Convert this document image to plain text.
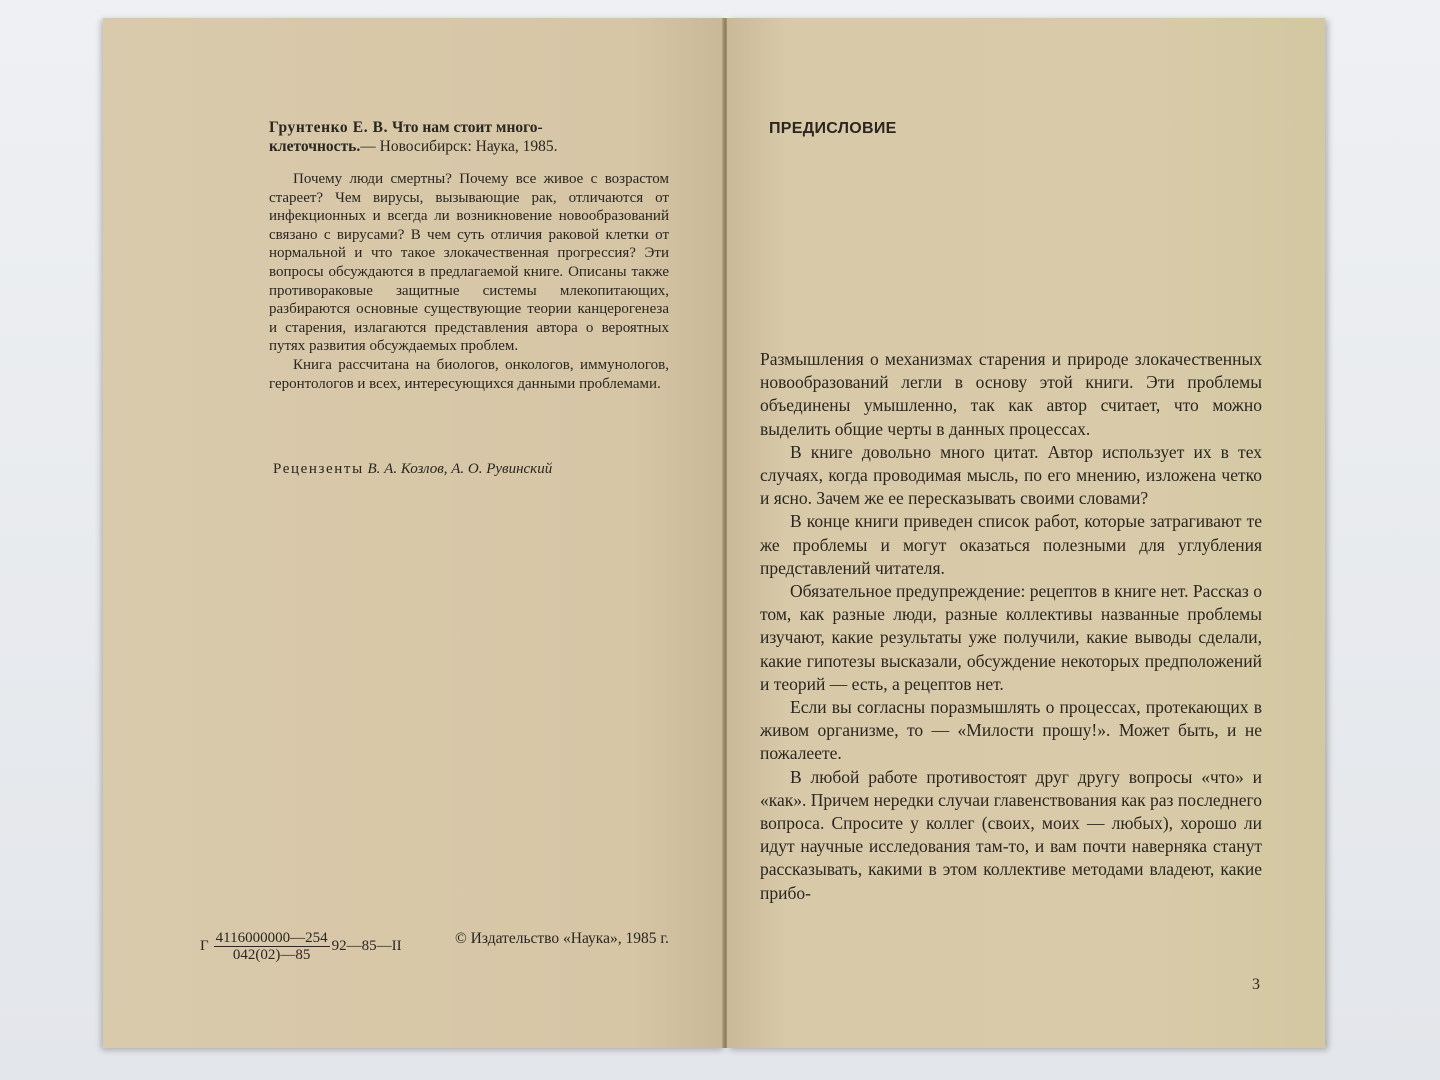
Грунтенко Е. В. Что нам стоит много-
клеточность.— Новосибирск: Наука, 1985.

Почему люди смертны? Почему все живое с возрастом стареет? Чем вирусы, вызывающие рак, отличаются от инфекционных и всегда ли возникновение новообразований связано с вирусами? В чем суть отличия раковой клетки от нормальной и что такое злокачественная прогрессия? Эти вопросы обсуждаются в предлагаемой книге. Описаны также противораковые защитные системы млекопитающих, разбираются основные существующие теории канцерогенеза и старения, излагаются представления автора о вероятных путях развития обсуждаемых проблем.

Книга рассчитана на биологов, онкологов, иммунологов, геронтологов и всех, интересующихся данными проблемами.

Рецензенты В. А. Козлов, А. О. Рувинский
Г $\frac{4116000000—254}{042(02)—85}$ 92—85—II	© Издательство «Наука», 1985 г.
ПРЕДИСЛОВИЕ

Размышления о механизмах старения и природе злокачественных новообразований легли в основу этой книги. Эти проблемы объединены умышленно, так как автор считает, что можно выделить общие черты в данных процессах.

В книге довольно много цитат. Автор использует их в тех случаях, когда проводимая мысль, по его мнению, изложена четко и ясно. Зачем же ее пересказывать своими словами?

В конце книги приведен список работ, которые затрагивают те же проблемы и могут оказаться полезными для углубления представлений читателя.

Обязательное предупреждение: рецептов в книге нет. Рассказ о том, как разные люди, разные коллективы названные проблемы изучают, какие результаты уже получили, какие выводы сделали, какие гипотезы высказали, обсуждение некоторых предположений и теорий — есть, а рецептов нет.

Если вы согласны поразмышлять о процессах, протекающих в живом организме, то — «Милости прошу!». Может быть, и не пожалеете.

В любой работе противостоят друг другу вопросы «что» и «как». Причем нередки случаи главенствования как раз последнего вопроса. Спросите у коллег (своих, моих — любых), хорошо ли идут научные исследования там-то, и вам почти наверняка станут рассказывать, какими в этом коллективе методами владеют, какие прибо-

3
